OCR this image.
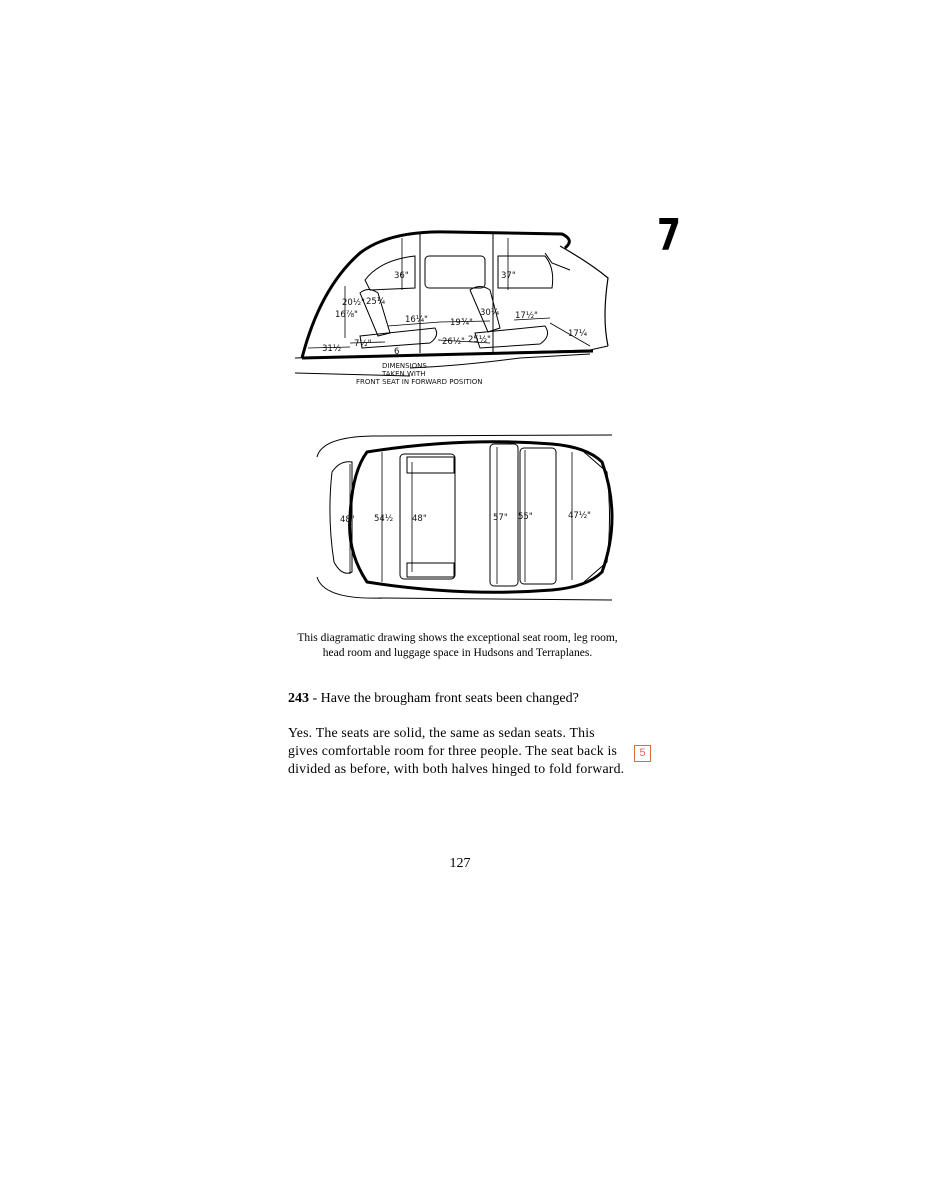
7
36"	37"
20½" 25¼
16⅞"	16¼"	19¾"
30¼ 17½"
17¼
26½" 25½"
31½ 7½"
6
DIMENSIONS
TAKEN WITH
FRONT SEAT IN FORWARD POSITION
48" 54½ 48"	57" 55"	47½"
This diagramatic drawing shows the exceptional seat room, leg room, head room and luggage space in Hudsons and Terraplanes.
243 - Have the brougham front seats been changed?
Yes. The seats are solid, the same as sedan seats. This
gives comfortable room for three people. The seat back is
divided as before, with both halves hinged to fold forward.
5
127
